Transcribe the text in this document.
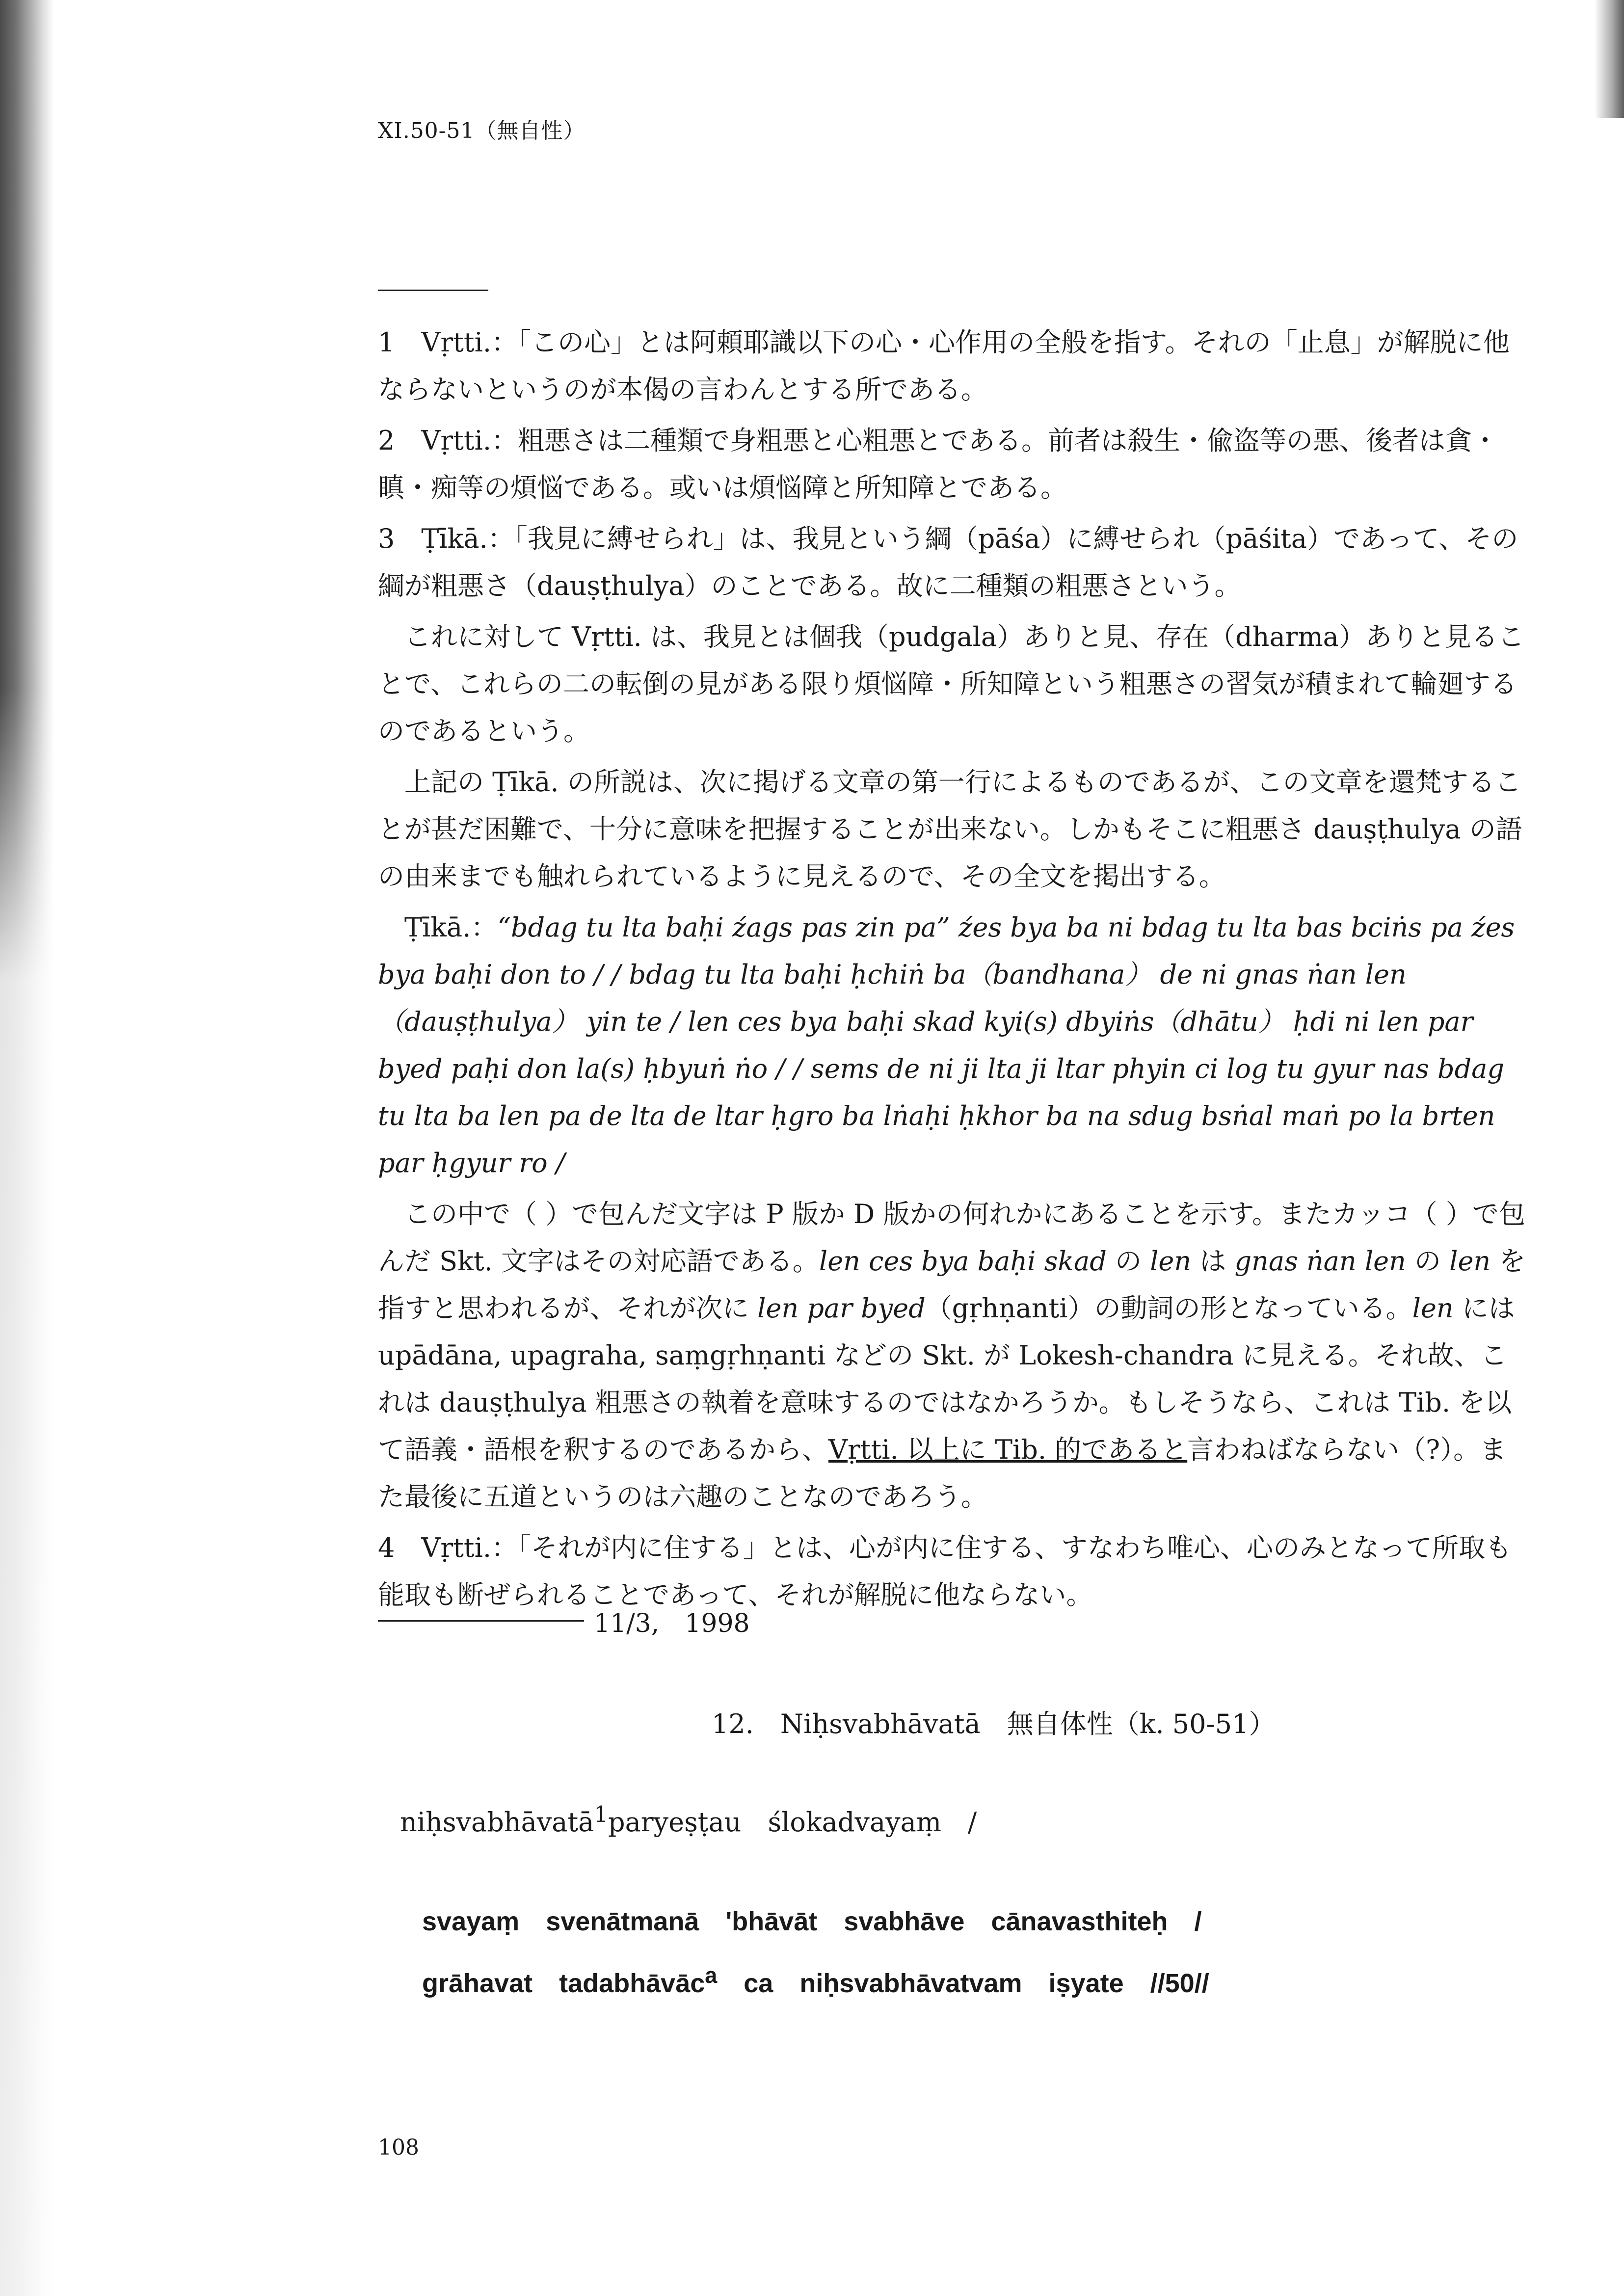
XI.50-51（無自性）

1　Vṛtti.：「この心」とは阿頼耶識以下の心・心作用の全般を指す。それの「止息」が解脱に他ならないというのが本偈の言わんとする所である。

2　Vṛtti.：粗悪さは二種類で身粗悪と心粗悪とである。前者は殺生・偸盗等の悪、後者は貪・瞋・痴等の煩悩である。或いは煩悩障と所知障とである。

3　Ṭīkā.：「我見に縛せられ」は、我見という綱（pāśa）に縛せられ（pāśita）であって、その綱が粗悪さ（dauṣṭhulya）のことである。故に二種類の粗悪さという。

これに対して Vṛtti. は、我見とは個我（pudgala）ありと見、存在（dharma）ありと見ることで、これらの二の転倒の見がある限り煩悩障・所知障という粗悪さの習気が積まれて輪廻するのであるという。

上記の Ṭīkā. の所説は、次に掲げる文章の第一行によるものであるが、この文章を還梵することが甚だ困難で、十分に意味を把握することが出来ない。しかもそこに粗悪さ dauṣṭhulya の語の由来までも触れられているように見えるので、その全文を掲出する。

Ṭīkā.：“bdag tu lta baḥi źags pas zin pa” źes bya ba ni bdag tu lta bas bciṅs pa źes bya baḥi don to / / bdag tu lta baḥi ḥchiṅ ba（bandhana） de ni gnas ṅan len（dauṣṭhulya） yin te / len ces bya baḥi skad kyi(s) dbyiṅs（dhātu） ḥdi ni len par byed paḥi don la(s) ḥbyuṅ ṅo / / sems de ni ji lta ji ltar phyin ci log tu gyur nas bdag tu lta ba len pa de lta de ltar ḥgro ba lṅaḥi ḥkhor ba na sdug bsṅal maṅ po la brten par ḥgyur ro /

この中で（ ）で包んだ文字は P 版か D 版かの何れかにあることを示す。またカッコ（ ）で包んだ Skt. 文字はその対応語である。len ces bya baḥi skad の len は gnas ṅan len の len を指すと思われるが、それが次に len par byed（gṛhṇanti）の動詞の形となっている。len には upādāna, upagraha, saṃgṛhṇanti などの Skt. が Lokesh-chandra に見える。それ故、これは dauṣṭhulya 粗悪さの執着を意味するのではなかろうか。もしそうなら、これは Tib. を以て語義・語根を釈するのであるから、Vṛtti. 以上に Tib. 的であると言わねばならない（?）。また最後に五道というのは六趣のことなのであろう。

4　Vṛtti.：「それが内に住する」とは、心が内に住する、すなわち唯心、心のみとなって所取も能取も断ぜられることであって、それが解脱に他ならない。

11/3,　1998
12.　Niḥsvabhāvatā　無自体性（k. 50-51）
niḥsvabhāvatā$^1$paryeṣṭau　ślokadvayaṃ　/
svayaṃ　svenātmanā　'bhāvāt　svabhāve　cānavasthiteḥ　/
grāhavat　tadabhāvāc$^a$　ca　niḥsvabhāvatvam　iṣyate　//50//
108
